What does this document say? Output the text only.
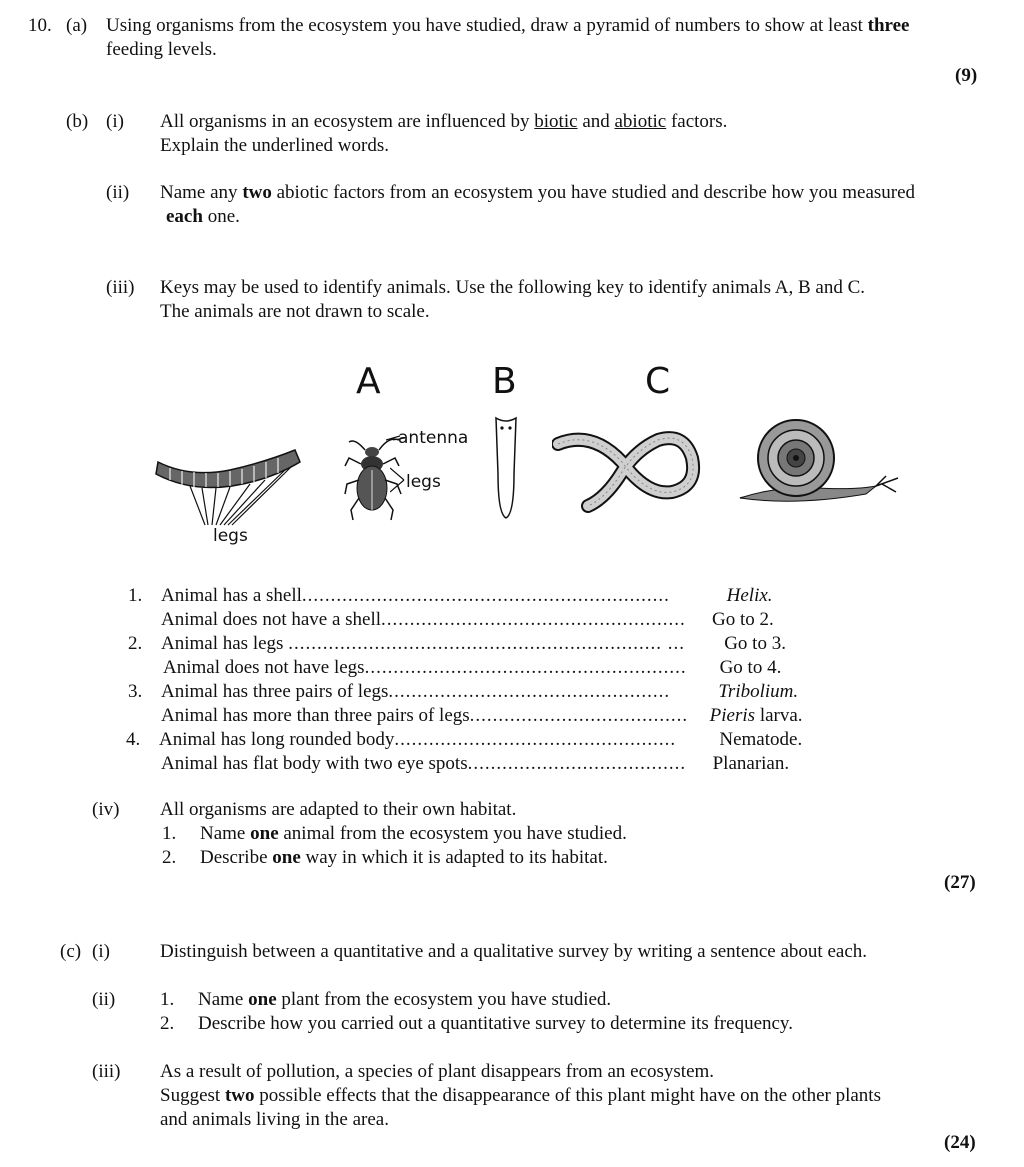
10. (a) Using organisms from the ecosystem you have studied, draw a pyramid of numbers to show at least three
feeding levels.
(9)
(b) (i) All organisms in an ecosystem are influenced by biotic and abiotic factors.
Explain the underlined words.
(ii) Name any two abiotic factors from an ecosystem you have studied and describe how you measured
each one.
(iii) Keys may be used to identify animals. Use the following key to identify animals A, B and C.
The animals are not drawn to scale.
A	B	C
legs
antenna
legs
1. Animal has a shell................................................................	Helix.
Animal does not have a shell..................................................... Go to 2.
2. Animal has legs ................................................................. ... Go to 3.
Animal does not have legs........................................................ Go to 4.
3. Animal has three pairs of legs.................................................	Tribolium.
Animal has more than three pairs of legs...................................... Pieris larva.
4. Animal has long rounded body................................................. Nematode.
Animal has flat body with two eye spots...................................... Planarian.
(iv) All organisms are adapted to their own habitat.
1. Name one animal from the ecosystem you have studied.
2. Describe one way in which it is adapted to its habitat.
(27)
(c) (i)	Distinguish between a quantitative and a qualitative survey by writing a sentence about each.
(ii) 1. Name one plant from the ecosystem you have studied.
2. Describe how you carried out a quantitative survey to determine its frequency.
(iii) As a result of pollution, a species of plant disappears from an ecosystem.
Suggest two possible effects that the disappearance of this plant might have on the other plants
and animals living in the area.
(24)
